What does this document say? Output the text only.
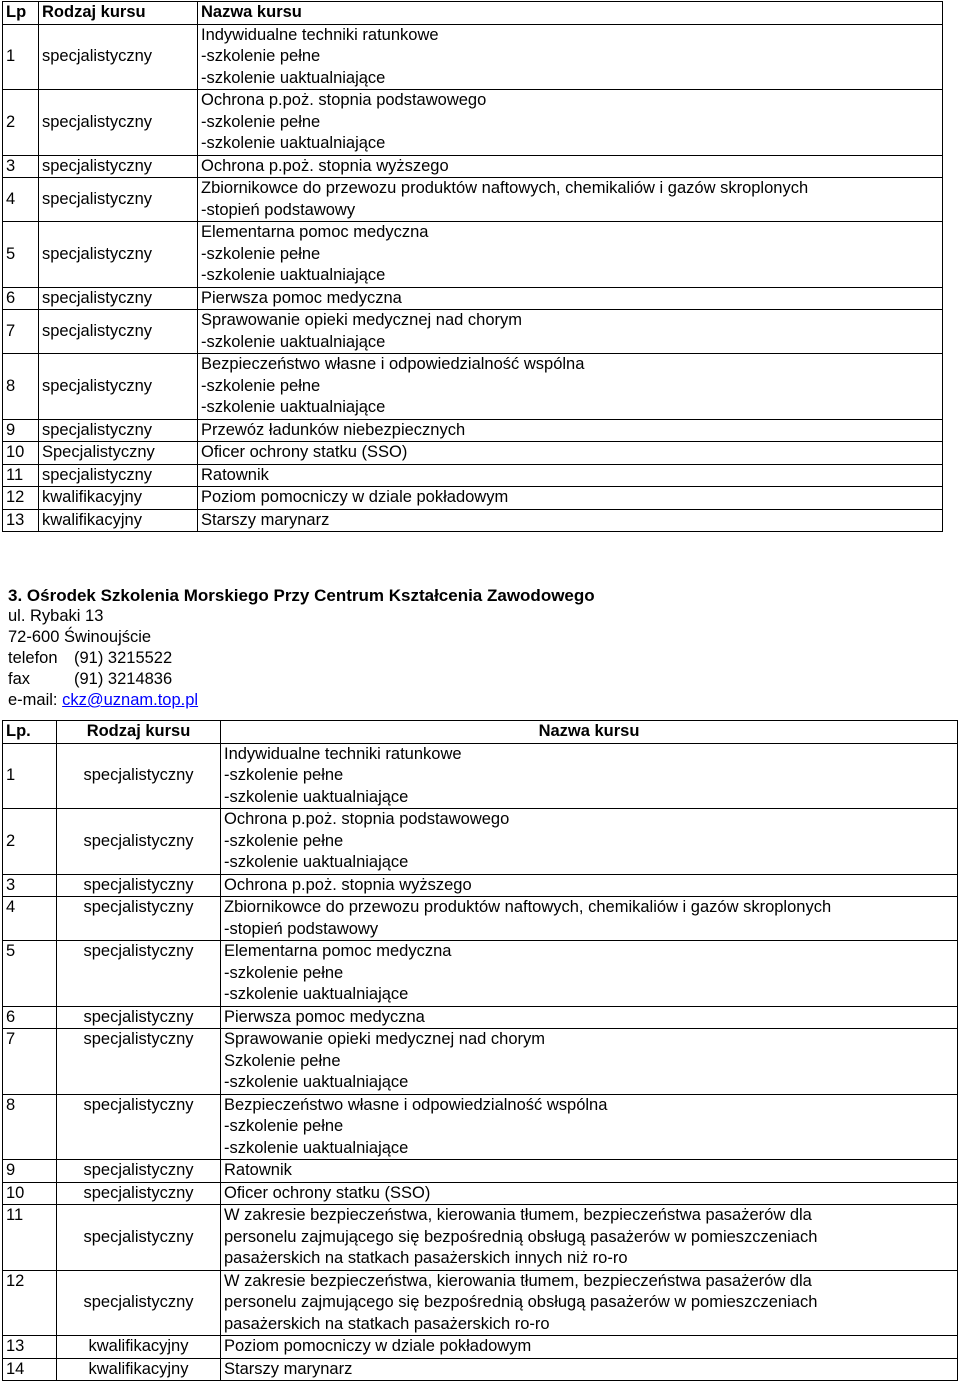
Lp	Rodzaj kursu	Nazwa kursu
1	specjalistyczny	Indywidualne techniki ratunkowe
-szkolenie pełne
-szkolenie uaktualniające

2	specjalistyczny	Ochrona p.poż. stopnia podstawowego
-szkolenie pełne
-szkolenie uaktualniające

3	specjalistyczny	Ochrona p.poż. stopnia wyższego

4	specjalistyczny	Zbiornikowce do przewozu produktów naftowych, chemikaliów i gazów skroplonych
-stopień podstawowy

5	specjalistyczny	Elementarna pomoc medyczna
-szkolenie pełne
-szkolenie uaktualniające

6	specjalistyczny	Pierwsza pomoc medyczna

7	specjalistyczny	Sprawowanie opieki medycznej nad chorym
-szkolenie uaktualniające

8	specjalistyczny	Bezpieczeństwo własne i odpowiedzialność wspólna
-szkolenie pełne
-szkolenie uaktualniające

9	specjalistyczny	Przewóz ładunków niebezpiecznych

10	Specjalistyczny	Oficer ochrony statku (SSO)

11	specjalistyczny	Ratownik

12	kwalifikacyjny	Poziom pomocniczy w dziale pokładowym

13	kwalifikacyjny	Starszy marynarz
3. Ośrodek Szkolenia Morskiego Przy Centrum Kształcenia Zawodowego
ul. Rybaki 13
72-600 Świnoujście
telefon (91) 3215522
fax	(91) 3214836
e-mail: ckz@uznam.top.pl
Lp.	Rodzaj kursu	Nazwa kursu
1	specjalistyczny	Indywidualne techniki ratunkowe
-szkolenie pełne
-szkolenie uaktualniające

2	specjalistyczny	Ochrona p.poż. stopnia podstawowego
-szkolenie pełne
-szkolenie uaktualniające

3	specjalistyczny	Ochrona p.poż. stopnia wyższego

4	specjalistyczny	Zbiornikowce do przewozu produktów naftowych, chemikaliów i gazów skroplonych
-stopień podstawowy

5	specjalistyczny	Elementarna pomoc medyczna
-szkolenie pełne
-szkolenie uaktualniające

6	specjalistyczny	Pierwsza pomoc medyczna

7	specjalistyczny	Sprawowanie opieki medycznej nad chorym
Szkolenie pełne
-szkolenie uaktualniające

8	specjalistyczny	Bezpieczeństwo własne i odpowiedzialność wspólna
-szkolenie pełne
-szkolenie uaktualniające

9	specjalistyczny	Ratownik

10	specjalistyczny	Oficer ochrony statku (SSO)

11	specjalistyczny	W zakresie bezpieczeństwa, kierowania tłumem, bezpieczeństwa pasażerów dla
personelu zajmującego się bezpośrednią obsługą pasażerów w pomieszczeniach
pasażerskich na statkach pasażerskich innych niż ro-ro

12	specjalistyczny	W zakresie bezpieczeństwa, kierowania tłumem, bezpieczeństwa pasażerów dla
personelu zajmującego się bezpośrednią obsługą pasażerów w pomieszczeniach
pasażerskich na statkach pasażerskich ro-ro

13	kwalifikacyjny	Poziom pomocniczy w dziale pokładowym

14	kwalifikacyjny	Starszy marynarz
